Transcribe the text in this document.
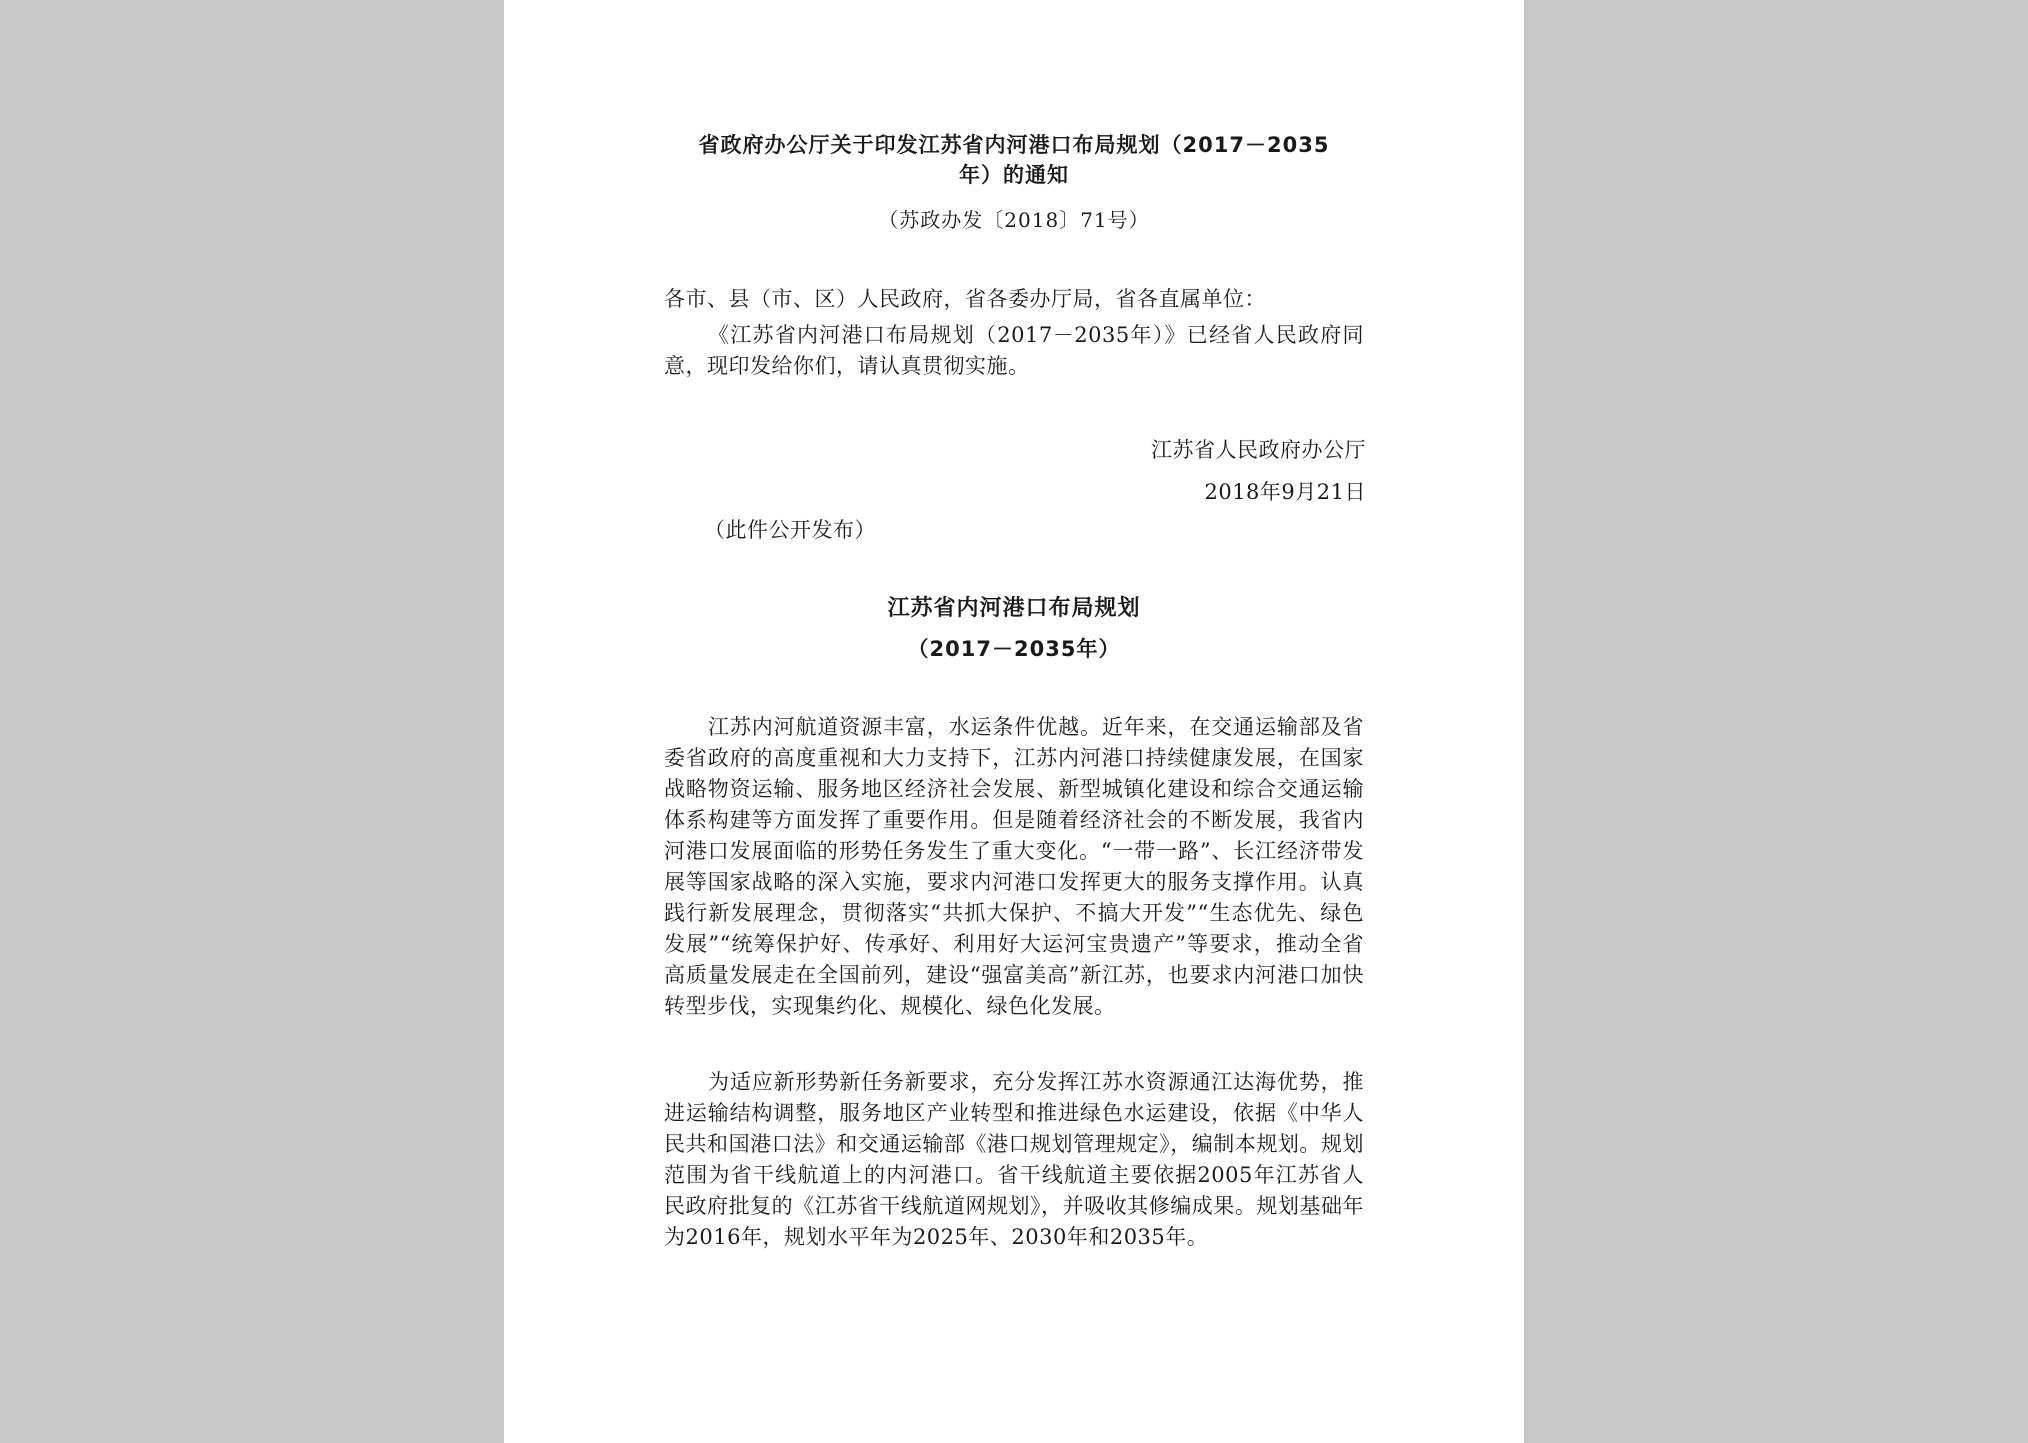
省政府办公厅关于印发江苏省内河港口布局规划（2017－2035
年）的通知
（苏政办发〔2018〕71号）
各市、县（市、区）人民政府，省各委办厅局，省各直属单位：
《江苏省内河港口布局规划（2017－2035年）》已经省人民政府同意，现印发给你们，请认真贯彻实施。
江苏省人民政府办公厅
2018年9月21日
（此件公开发布）
江苏省内河港口布局规划
（2017－2035年）
江苏内河航道资源丰富，水运条件优越。近年来，在交通运输部及省委省政府的高度重视和大力支持下，江苏内河港口持续健康发展，在国家战略物资运输、服务地区经济社会发展、新型城镇化建设和综合交通运输体系构建等方面发挥了重要作用。但是随着经济社会的不断发展，我省内河港口发展面临的形势任务发生了重大变化。“一带一路”、长江经济带发展等国家战略的深入实施，要求内河港口发挥更大的服务支撑作用。认真践行新发展理念，贯彻落实“共抓大保护、不搞大开发”“生态优先、绿色发展”“统筹保护好、传承好、利用好大运河宝贵遗产”等要求，推动全省高质量发展走在全国前列，建设“强富美高”新江苏，也要求内河港口加快转型步伐，实现集约化、规模化、绿色化发展。
为适应新形势新任务新要求，充分发挥江苏水资源通江达海优势，推进运输结构调整，服务地区产业转型和推进绿色水运建设，依据《中华人民共和国港口法》和交通运输部《港口规划管理规定》，编制本规划。规划范围为省干线航道上的内河港口。省干线航道主要依据2005年江苏省人民政府批复的《江苏省干线航道网规划》，并吸收其修编成果。规划基础年为2016年，规划水平年为2025年、2030年和2035年。
